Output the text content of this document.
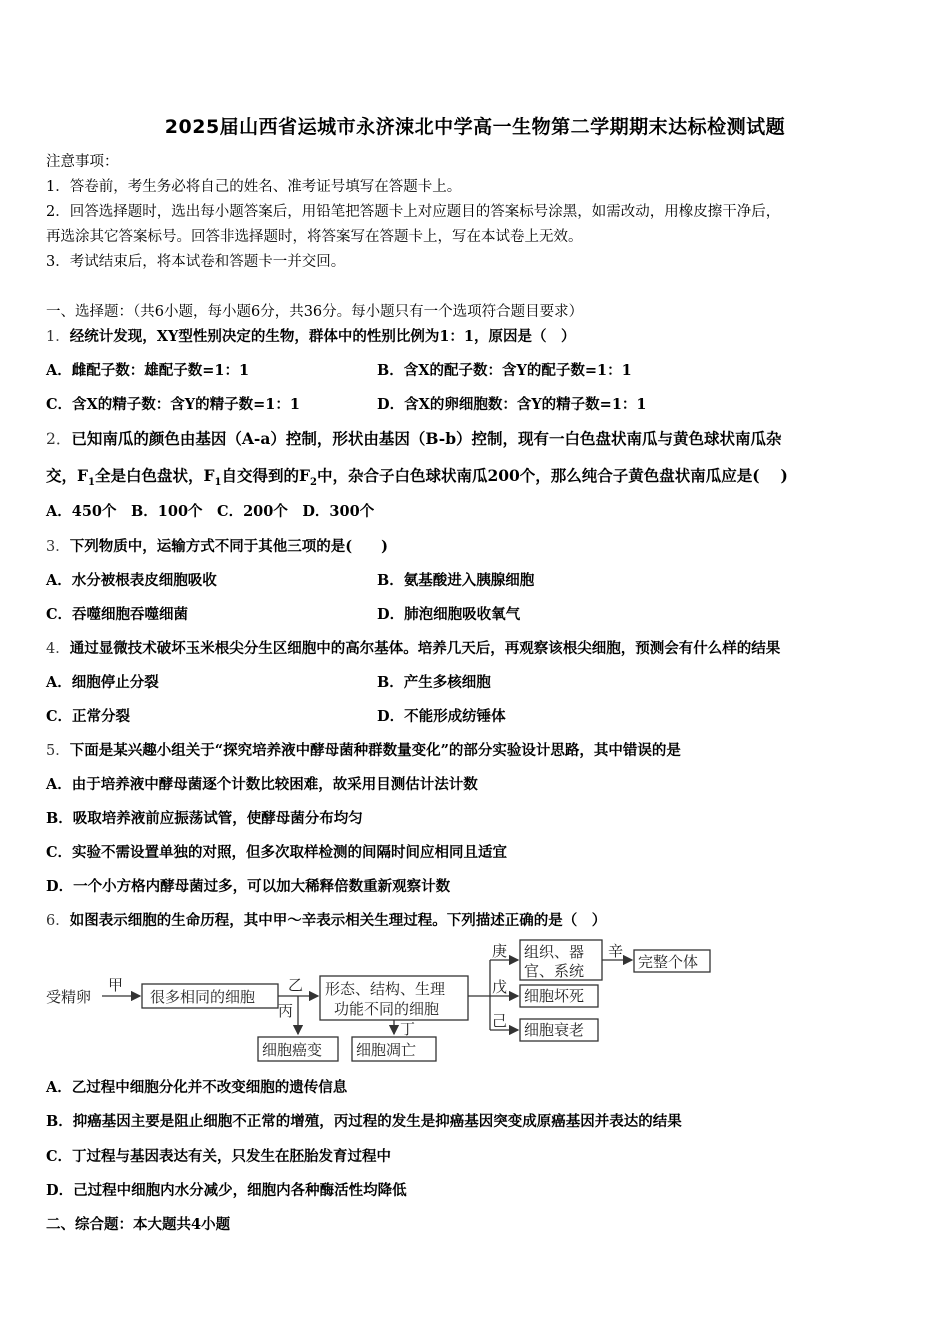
2025届山西省运城市永济涑北中学高一生物第二学期期末达标检测试题
注意事项：
1．答卷前，考生务必将自己的姓名、准考证号填写在答题卡上。
2．回答选择题时，选出每小题答案后，用铅笔把答题卡上对应题目的答案标号涂黑，如需改动，用橡皮擦干净后，
再选涂其它答案标号。回答非选择题时，将答案写在答题卡上，写在本试卷上无效。
3．考试结束后，将本试卷和答题卡一并交回。
一、选择题：（共6小题，每小题6分，共36分。每小题只有一个选项符合题目要求）
1．经统计发现，XY型性别决定的生物，群体中的性别比例为1：1，原因是（　）
A．雌配子数：雄配子数=1：1	B．含X的配子数：含Y的配子数=1：1
C．含X的精子数：含Y的精子数=1：1	D．含X的卵细胞数：含Y的精子数=1：1
2．已知南瓜的颜色由基因（A-a）控制，形状由基因（B-b）控制，现有一白色盘状南瓜与黄色球状南瓜杂
交，$F_1$全是白色盘状，$F_1$自交得到的$F_2$中，杂合子白色球状南瓜200个，那么纯合子黄色盘状南瓜应是(　 )
A．450个　B．100个　C．200个　D．300个
3．下列物质中，运输方式不同于其他三项的是(　　)
A．水分被根表皮细胞吸收	B．氨基酸进入胰腺细胞
C．吞噬细胞吞噬细菌	D．肺泡细胞吸收氧气
4．通过显微技术破坏玉米根尖分生区细胞中的高尔基体。培养几天后，再观察该根尖细胞，预测会有什么样的结果
A．细胞停止分裂	B．产生多核细胞
C．正常分裂	D．不能形成纺锤体
5．下面是某兴趣小组关于“探究培养液中酵母菌种群数量变化”的部分实验设计思路，其中错误的是
A．由于培养液中酵母菌逐个计数比较困难，故采用目测估计法计数
B．吸取培养液前应振荡试管，使酵母菌分布均匀
C．实验不需设置单独的对照，但多次取样检测的间隔时间应相同且适宜
D．一个小方格内酵母菌过多，可以加大稀释倍数重新观察计数
6．如图表示细胞的生命历程，其中甲～辛表示相关生理过程。下列描述正确的是（　）
受精卵
甲
很多相同的细胞
乙
丙
细胞癌变
形态、结构、生理
功能不同的细胞
丁
细胞凋亡
庚 组织、器
官、系统
辛
完整个体
戊 细胞坏死
己 细胞衰老
A．乙过程中细胞分化并不改变细胞的遗传信息
B．抑癌基因主要是阻止细胞不正常的增殖，丙过程的发生是抑癌基因突变成原癌基因并表达的结果
C．丁过程与基因表达有关，只发生在胚胎发育过程中
D．己过程中细胞内水分减少，细胞内各种酶活性均降低
二、综合题：本大题共4小题
